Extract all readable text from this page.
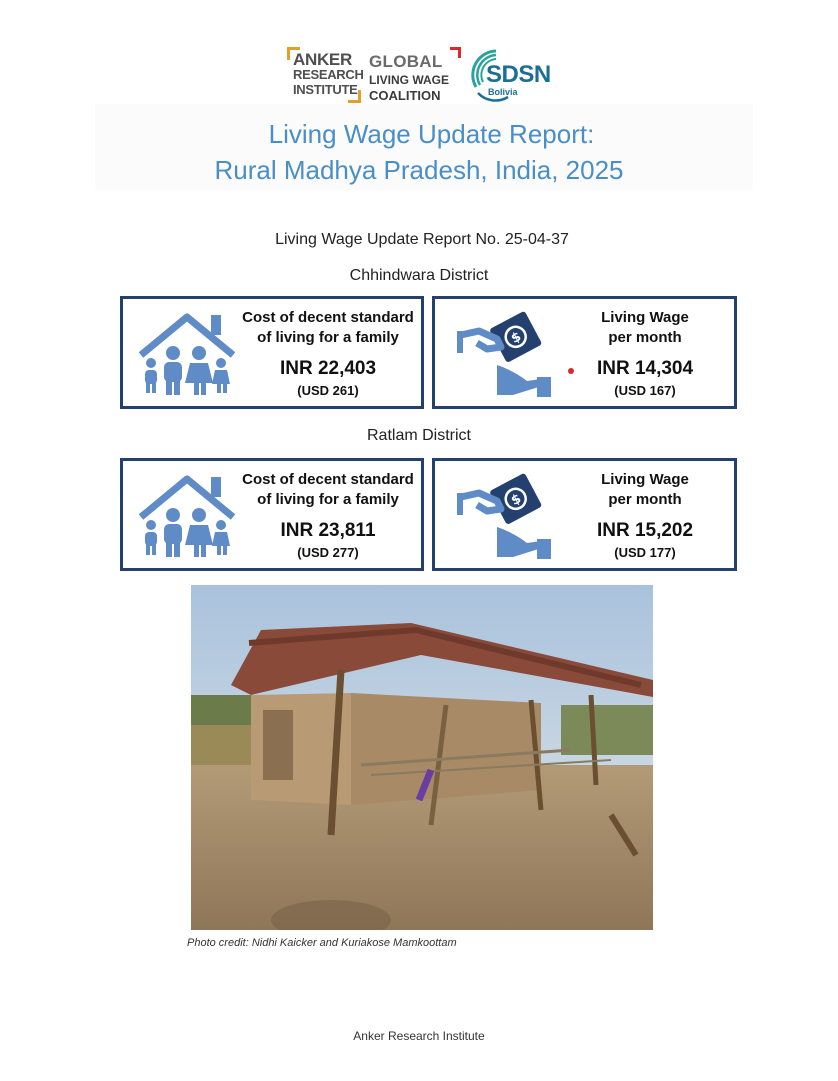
ANKER
RESEARCH
INSTITUTE
GLOBAL
LIVING WAGE
COALITION
SDSN
Bolivia
Living Wage Update Report:
Rural Madhya Pradesh, India, 2025
Living Wage Update Report No. 25-04-37
Chhindwara District
Cost of decent standard
of living for a family
INR 22,403
(USD 261)
$
Living Wage
per month
INR 14,304
(USD 167)
Ratlam District
Cost of decent standard
of living for a family
INR 23,811
(USD 277)
$
Living Wage
per month
INR 15,202
(USD 177)
Photo credit: Nidhi Kaicker and Kuriakose Mamkoottam
Anker Research Institute
